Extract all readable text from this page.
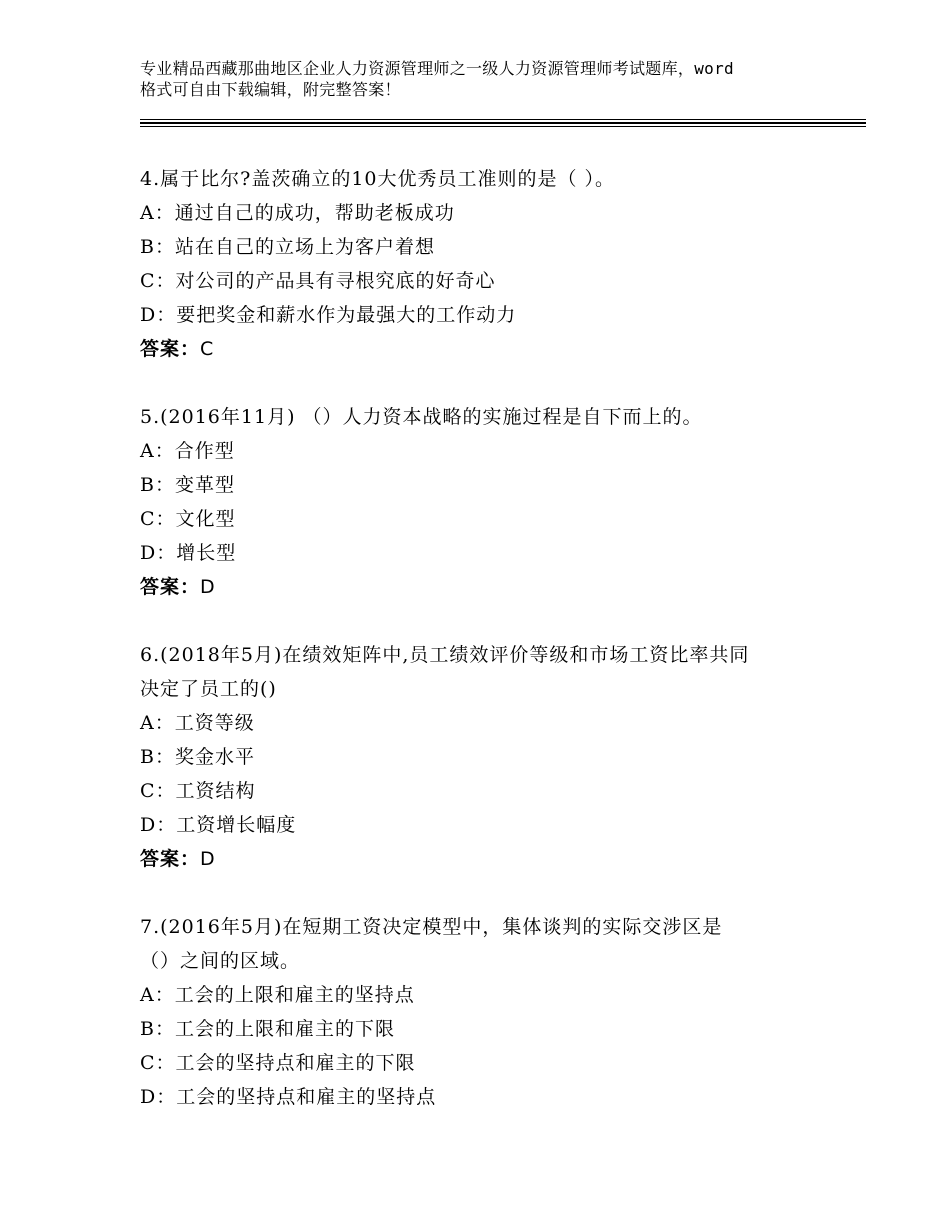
专业精品西藏那曲地区企业人力资源管理师之一级人力资源管理师考试题库，word
格式可自由下载编辑，附完整答案！
4.属于比尔?盖茨确立的10大优秀员工准则的是（ ）。
A：通过自己的成功，帮助老板成功
B：站在自己的立场上为客户着想
C：对公司的产品具有寻根究底的好奇心
D：要把奖金和薪水作为最强大的工作动力
答案：C
5.(2016年11月) （）人力资本战略的实施过程是自下而上的。
A：合作型
B：变革型
C：文化型
D：增长型
答案：D
6.(2018年5月)在绩效矩阵中,员工绩效评价等级和市场工资比率共同
决定了员工的()
A：工资等级
B：奖金水平
C：工资结构
D：工资增长幅度
答案：D
7.(2016年5月)在短期工资决定模型中，集体谈判的实际交涉区是
（）之间的区域。
A：工会的上限和雇主的坚持点
B：工会的上限和雇主的下限
C：工会的坚持点和雇主的下限
D：工会的坚持点和雇主的坚持点
